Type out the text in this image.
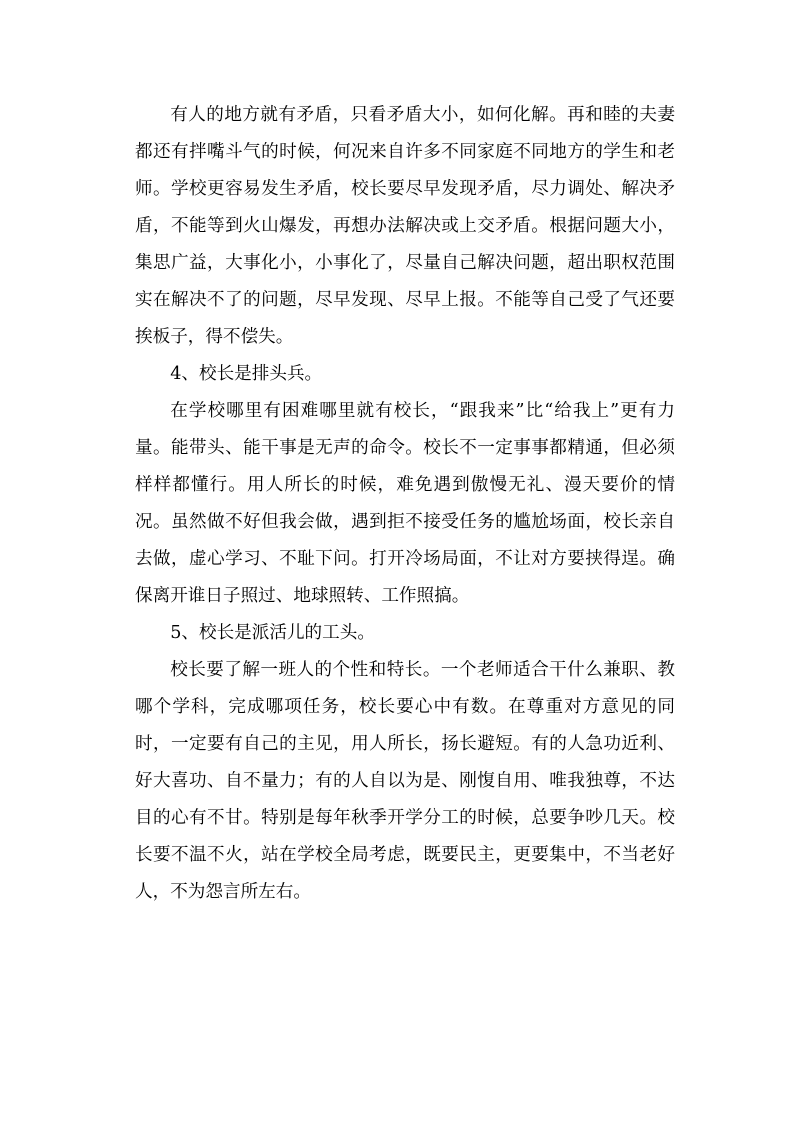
有人的地方就有矛盾，只看矛盾大小，如何化解。再和睦的夫妻都还有拌嘴斗气的时候，何况来自许多不同家庭不同地方的学生和老师。学校更容易发生矛盾，校长要尽早发现矛盾，尽力调处、解决矛盾，不能等到火山爆发，再想办法解决或上交矛盾。根据问题大小，集思广益，大事化小，小事化了，尽量自己解决问题，超出职权范围实在解决不了的问题，尽早发现、尽早上报。不能等自己受了气还要挨板子，得不偿失。

4、校长是排头兵。

在学校哪里有困难哪里就有校长，“跟我来”比“给我上”更有力量。能带头、能干事是无声的命令。校长不一定事事都精通，但必须样样都懂行。用人所长的时候，难免遇到傲慢无礼、漫天要价的情况。虽然做不好但我会做，遇到拒不接受任务的尴尬场面，校长亲自去做，虚心学习、不耻下问。打开冷场局面，不让对方要挟得逞。确保离开谁日子照过、地球照转、工作照搞。

5、校长是派活儿的工头。

校长要了解一班人的个性和特长。一个老师适合干什么兼职、教哪个学科，完成哪项任务，校长要心中有数。在尊重对方意见的同时，一定要有自己的主见，用人所长，扬长避短。有的人急功近利、好大喜功、自不量力；有的人自以为是、刚愎自用、唯我独尊，不达目的心有不甘。特别是每年秋季开学分工的时候，总要争吵几天。校长要不温不火，站在学校全局考虑，既要民主，更要集中，不当老好人，不为怨言所左右。
